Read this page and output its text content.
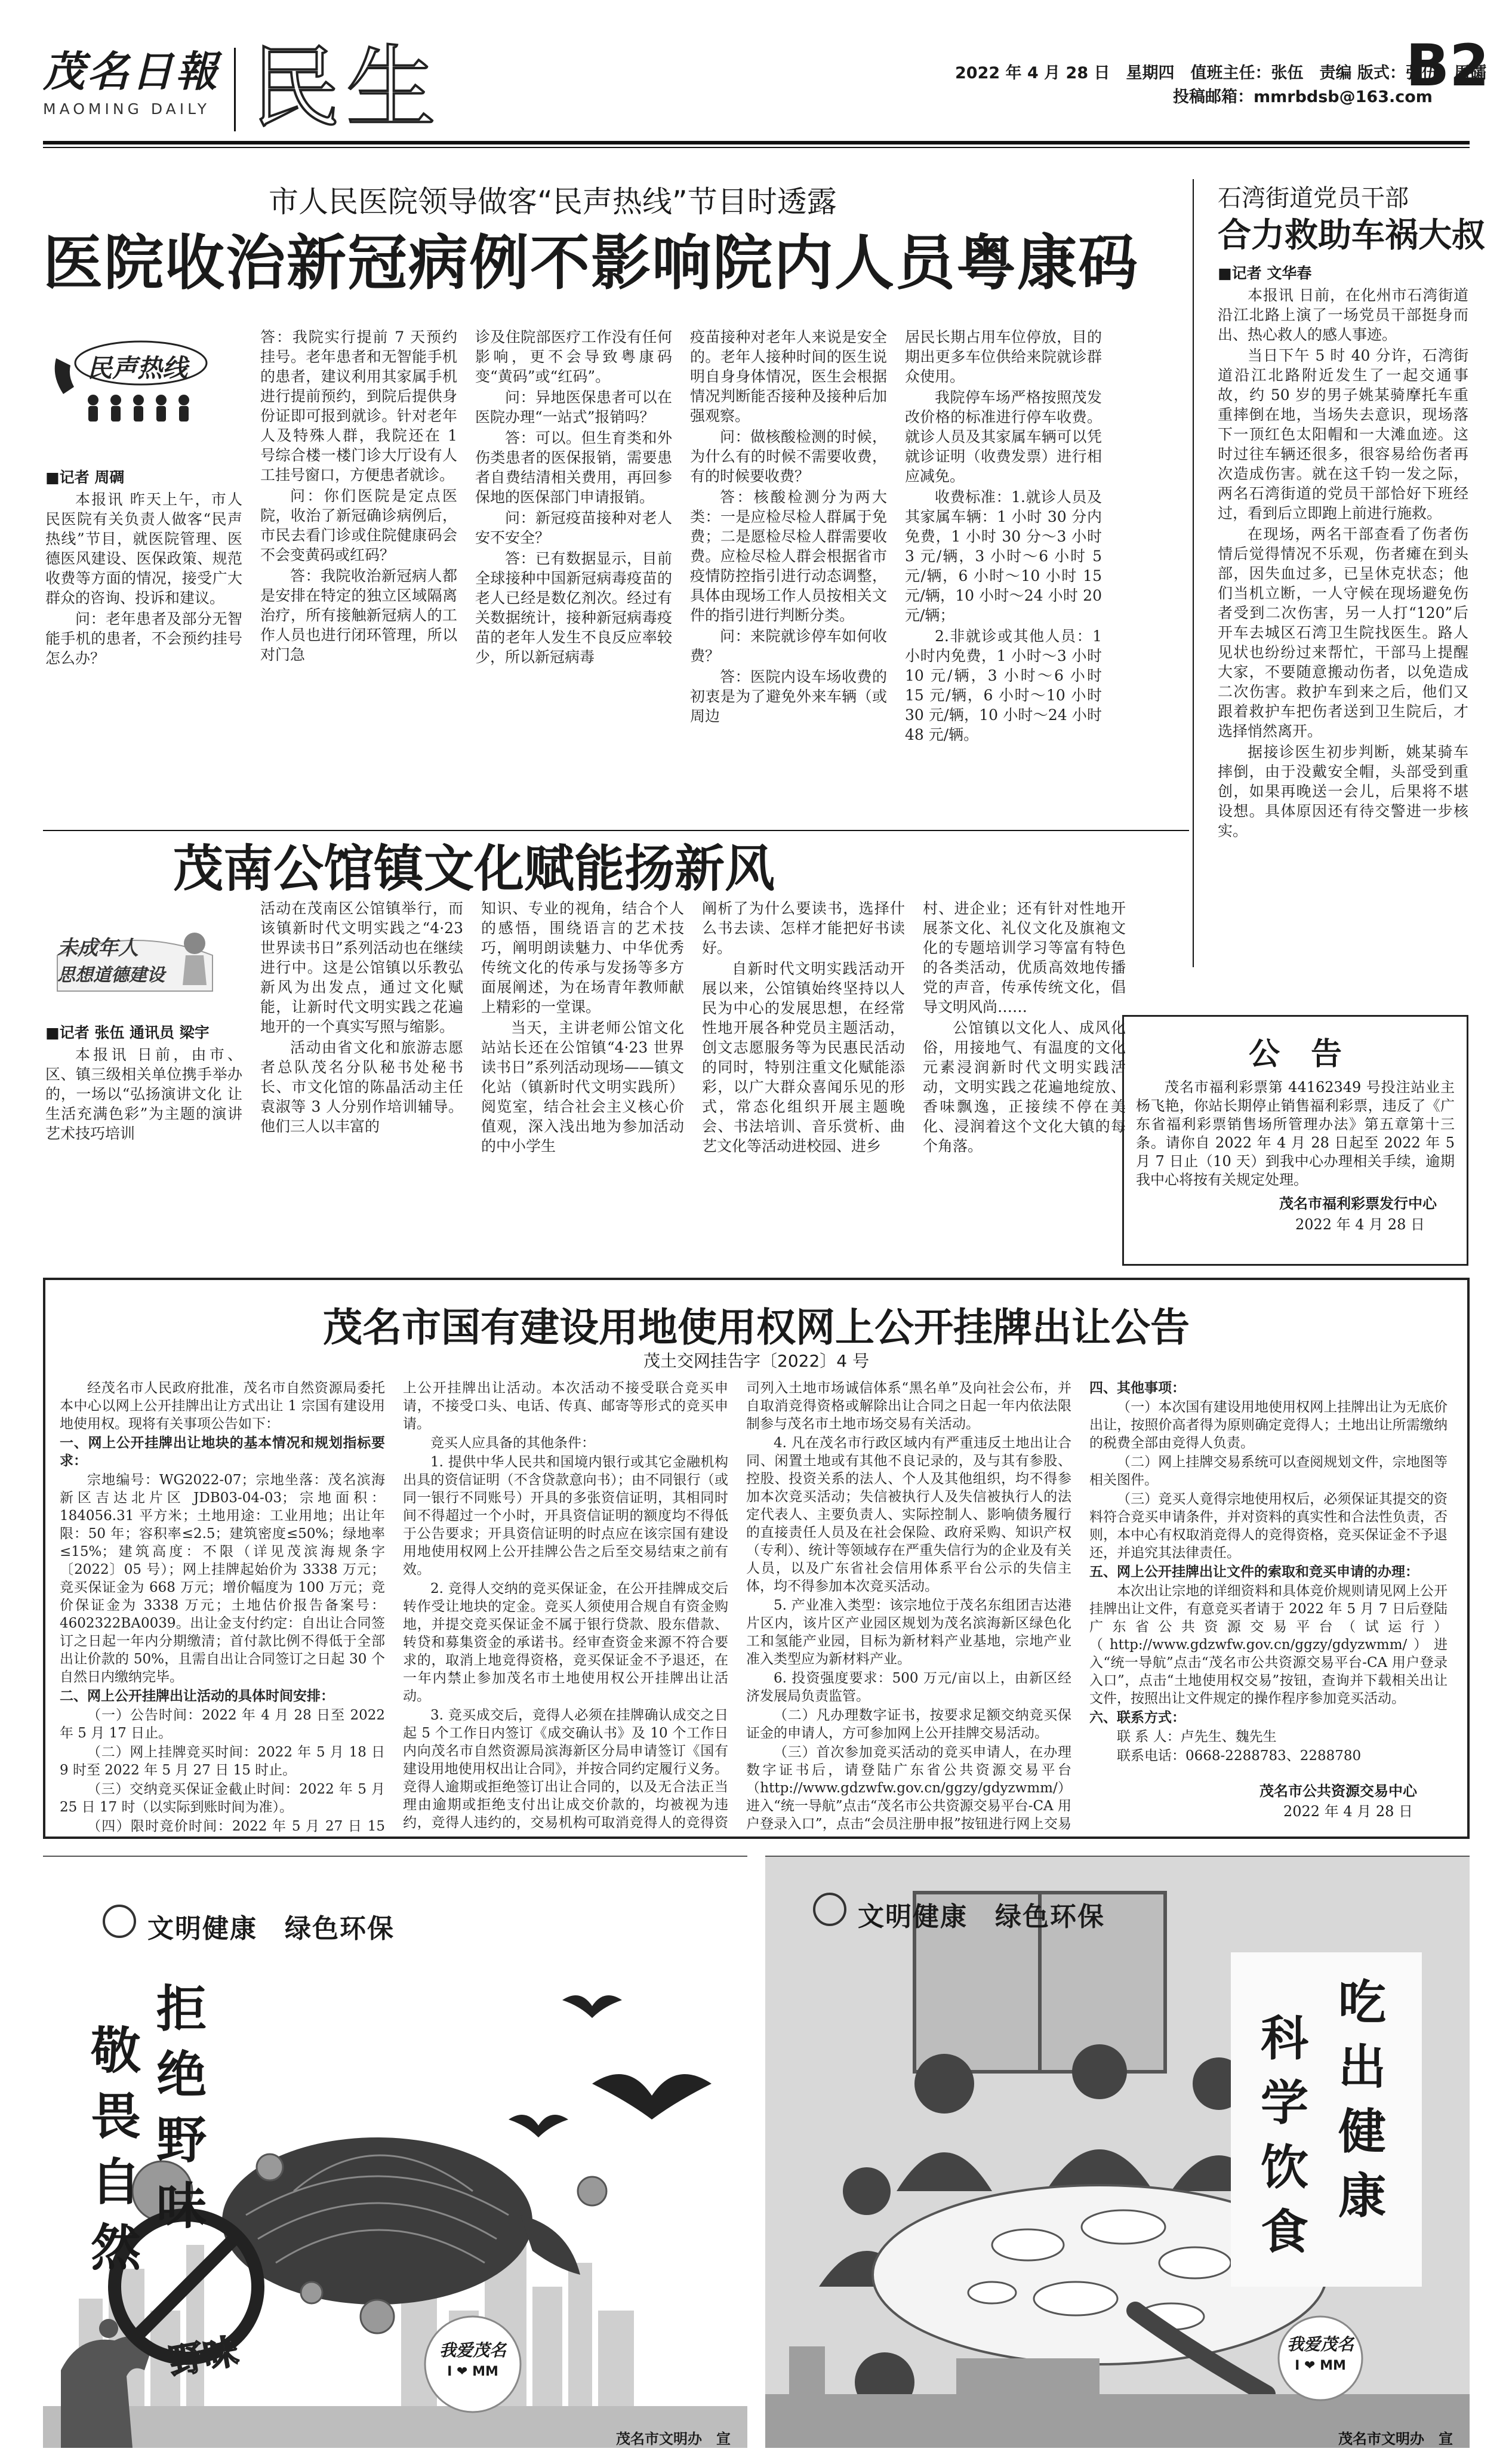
茂名日報
MAOMING DAILY 民生	2022 年 4 月 28 日　星期四　值班主任：张伍　责编 版式：张伍　周礵
投稿邮箱：mmrbdsb@163.com
B2
市人民医院领导做客“民声热线”节目时透露
医院收治新冠病例不影响院内人员粤康码
民声热线
■记者 周碉

本报讯 昨天上午，市人民医院有关负责人做客“民声热线”节目，就医院管理、医德医风建设、医保政策、规范收费等方面的情况，接受广大群众的咨询、投诉和建议。

问：老年患者及部分无智能手机的患者，不会预约挂号怎么办？

答：我院实行提前 7 天预约挂号。老年患者和无智能手机的患者，建议利用其家属手机进行提前预约，到院后提供身份证即可报到就诊。针对老年人及特殊人群，我院还在 1 号综合楼一楼门诊大厅设有人工挂号窗口，方便患者就诊。

问：你们医院是定点医院，收治了新冠确诊病例后，市民去看门诊或住院健康码会不会变黄码或红码？

答：我院收治新冠病人都是安排在特定的独立区域隔离治疗，所有接触新冠病人的工作人员也进行闭环管理，所以对门急

诊及住院部医疗工作没有任何影响，更不会导致粤康码变“黄码”或“红码”。

问：异地医保患者可以在医院办理“一站式”报销吗？

答：可以。但生育类和外伤类患者的医保报销，需要患者自费结清相关费用，再回参保地的医保部门申请报销。

问：新冠疫苗接种对老人安不安全？

答：已有数据显示，目前全球接种中国新冠病毒疫苗的老人已经是数亿剂次。经过有关数据统计，接种新冠病毒疫苗的老年人发生不良反应率较少，所以新冠病毒

疫苗接种对老年人来说是安全的。老年人接种时间的医生说明自身身体情况，医生会根据情况判断能否接种及接种后加强观察。

问：做核酸检测的时候，为什么有的时候不需要收费，有的时候要收费？

答：核酸检测分为两大类：一是应检尽检人群属于免费；二是愿检尽检人群需要收费。应检尽检人群会根据省市疫情防控指引进行动态调整，具体由现场工作人员按相关文件的指引进行判断分类。

问：来院就诊停车如何收费？

答：医院内设车场收费的初衷是为了避免外来车辆（或周边

居民长期占用车位停放，目的期出更多车位供给来院就诊群众使用。

我院停车场严格按照茂发改价格的标准进行停车收费。就诊人员及其家属车辆可以凭就诊证明（收费发票）进行相应减免。

收费标准：1.就诊人员及其家属车辆：1 小时 30 分内免费，1 小时 30 分～3 小时 3 元/辆，3 小时～6 小时 5 元/辆，6 小时～10 小时 15 元/辆，10 小时～24 小时 20 元/辆；

2.非就诊或其他人员：1 小时内免费，1 小时～3 小时 10 元/辆，3 小时～6 小时 15 元/辆，6 小时～10 小时 30 元/辆，10 小时～24 小时 48 元/辆。

石湾街道党员干部
合力救助车祸大叔
■记者 文华春

本报讯 日前，在化州市石湾街道沿江北路上演了一场党员干部挺身而出、热心救人的感人事迹。

当日下午 5 时 40 分许，石湾街道沿江北路附近发生了一起交通事故，约 50 岁的男子姚某骑摩托车重重摔倒在地，当场失去意识，现场落下一顶红色太阳帽和一大滩血迹。这时过往车辆还很多，很容易给伤者再次造成伤害。就在这千钧一发之际，两名石湾街道的党员干部恰好下班经过，看到后立即跑上前进行施救。

在现场，两名干部查看了伤者伤情后觉得情况不乐观，伤者瘫在到头部，因失血过多，已呈休克状态；他们当机立断，一人守候在现场避免伤者受到二次伤害，另一人打“120”后开车去城区石湾卫生院找医生。路人见状也纷纷过来帮忙，干部马上提醒大家，不要随意搬动伤者，以免造成二次伤害。救护车到来之后，他们又跟着救护车把伤者送到卫生院后，才选择悄然离开。

据接诊医生初步判断，姚某骑车摔倒，由于没戴安全帽，头部受到重创，如果再晚送一会儿，后果将不堪设想。具体原因还有待交警进一步核实。

茂南公馆镇文化赋能扬新风
未成年人
思想道德建设
■记者 张伍 通讯员 梁宇

本报讯 日前，由市、区、镇三级相关单位携手举办的，一场以“弘扬演讲文化 让生活充满色彩”为主题的演讲艺术技巧培训

活动在茂南区公馆镇举行，而该镇新时代文明实践之“4·23 世界读书日”系列活动也在继续进行中。这是公馆镇以乐教弘新风为出发点，通过文化赋能，让新时代文明实践之花遍地开的一个真实写照与缩影。

活动由省文化和旅游志愿者总队茂名分队秘书处秘书长、市文化馆的陈晶活动主任袁淑等 3 人分别作培训辅导。他们三人以丰富的

知识、专业的视角，结合个人的感悟，围绕语言的艺术技巧，阐明朗读魅力、中华优秀传统文化的传承与发扬等多方面展阐述，为在场青年教师献上精彩的一堂课。

当天，主讲老师公馆文化站站长还在公馆镇“4·23 世界读书日”系列活动现场——镇文化站（镇新时代文明实践所）阅览室，结合社会主义核心价值观，深入浅出地为参加活动的中小学生

阐析了为什么要读书，选择什么书去读、怎样才能把好书读好。

自新时代文明实践活动开展以来，公馆镇始终坚持以人民为中心的发展思想，在经常性地开展各种党员主题活动，创文志愿服务等为民惠民活动的同时，特别注重文化赋能添彩，以广大群众喜闻乐见的形式，常态化组织开展主题晚会、书法培训、音乐赏析、曲艺文化等活动进校园、进乡

村、进企业；还有针对性地开展茶文化、礼仪文化及旗袍文化的专题培训学习等富有特色的各类活动，优质高效地传播党的声音，传承传统文化，倡导文明风尚……

公馆镇以文化人、成风化俗，用接地气、有温度的文化元素浸润新时代文明实践活动，文明实践之花遍地绽放、香味飘逸，正接续不停在美化、浸润着这个文化大镇的每个角落。

公　告
茂名市福利彩票第 44162349 号投注站业主杨飞艳，你站长期停止销售福利彩票，违反了《广东省福利彩票销售场所管理办法》第五章第十三条。请你自 2022 年 4 月 28 日起至 2022 年 5 月 7 日止（10 天）到我中心办理相关手续，逾期我中心将按有关规定处理。
茂名市福利彩票发行中心
2022 年 4 月 28 日
茂名市国有建设用地使用权网上公开挂牌出让公告
茂土交网挂告字〔2022〕4 号

经茂名市人民政府批准，茂名市自然资源局委托本中心以网上公开挂牌出让方式出让 1 宗国有建设用地使用权。现将有关事项公告如下：

一、网上公开挂牌出让地块的基本情况和规划指标要求：

宗地编号：WG2022-07；宗地坐落：茂名滨海新区吉达北片区 JDB03-04-03；宗地面积：184056.31 平方米；土地用途：工业用地；出让年限：50 年；容积率≤2.5；建筑密度≤50%；绿地率≤15%；建筑高度：不限（详见茂滨海规条字〔2022〕05 号）；网上挂牌起始价为 3338 万元；竞买保证金为 668 万元；增价幅度为 100 万元；竞价保证金为 3338 万元；土地估价报告备案号：4602322BA0039。出让金支付约定：自出让合同签订之日起一年内分期缴清；首付款比例不得低于全部出让价款的 50%，且需自出让合同签订之日起 30 个自然日内缴纳完毕。

二、网上公开挂牌出让活动的具体时间安排：

（一）公告时间：2022 年 4 月 28 日至 2022 年 5 月 17 日止。

（二）网上挂牌竞买时间：2022 年 5 月 18 日 9 时至 2022 年 5 月 27 日 15 时止。

（三）交纳竞买保证金截止时间：2022 年 5 月 25 日 17 时（以实际到账时间为准）。

（四）限时竞价时间：2022 年 5 月 27 日 15

上公开挂牌出让活动。本次活动不接受联合竞买申请，不接受口头、电话、传真、邮寄等形式的竞买申请。

竞买人应具备的其他条件：

1. 提供中华人民共和国境内银行或其它金融机构出具的资信证明（不含贷款意向书）；由不同银行（或同一银行不同账号）开具的多张资信证明，其相同时间不得超过一个小时，开具资信证明的额度均不得低于公告要求；开具资信证明的时点应在该宗国有建设用地使用权网上公开挂牌公告之后至交易结束之前有效。

2. 竞得人交纳的竞买保证金，在公开挂牌成交后转作受让地块的定金。竞买人须使用合规自有资金购地，并提交竞买保证金不属于银行贷款、股东借款、转贷和募集资金的承诺书。经审查资金来源不符合要求的，取消上地竞得资格，竞买保证金不予退还，在一年内禁止参加茂名市土地使用权公开挂牌出让活动。

3. 竞买成交后，竞得人必须在挂牌确认成交之日起 5 个工作日内签订《成交确认书》及 10 个工作日内向茂名市自然资源局滨海新区分局申请签订《国有建设用地使用权出让合同》，并按合同约定履行义务。竞得人逾期或拒绝签订出让合同的，以及无合法正当理由逾期或拒绝支付出让成交价款的，均被视为违约，竞得人违约的，交易机构可取消竞得人的竞得资

司列入土地市场诚信体系“黑名单”及向社会公布，并自取消竞得资格或解除出让合同之日起一年内依法限制参与茂名市土地市场交易有关活动。

4. 凡在茂名市行政区域内有严重违反土地出让合同、闲置土地或有其他不良记录的，及与其有参股、控股、投资关系的法人、个人及其他组织，均不得参加本次竞买活动；失信被执行人及失信被执行人的法定代表人、主要负责人、实际控制人、影响债务履行的直接责任人员及在社会保险、政府采购、知识产权（专利）、统计等领域存在严重失信行为的企业及有关人员，以及广东省社会信用体系平台公示的失信主体，均不得参加本次竞买活动。

5. 产业准入类型：该宗地位于茂名东组团吉达港片区内，该片区产业园区规划为茂名滨海新区绿色化工和氢能产业园，目标为新材料产业基地，宗地产业准入类型应为新材料产业。

6. 投资强度要求：500 万元/亩以上，由新区经济发展局负责监管。

（二）凡办理数字证书，按要求足额交纳竞买保证金的申请人，方可参加网上公开挂牌交易活动。

（三）首次参加竞买活动的竞买申请人，在办理数字证书后，请登陆广东省公共资源交易平台（http://www.gdzwfw.gov.cn/ggzy/gdyzwmm/）进入“统一导航”点击“茂名市公共资源交易平台-CA 用户登录入口”，点击“会员注册申报”按钮进行网上交易

四、其他事项：

（一）本次国有建设用地使用权网上挂牌出让为无底价出让，按照价高者得为原则确定竞得人；土地出让所需缴纳的税费全部由竞得人负责。

（二）网上挂牌交易系统可以查阅规划文件，宗地图等相关图件。

（三）竞买人竟得宗地使用权后，必须保证其提交的资料符合竞买申请条件，并对资料的真实性和合法性负责，否则，本中心有权取消竞得人的竞得资格，竞买保证金不予退还，并追究其法律责任。

五、网上公开挂牌出让文件的索取和竞买申请的办理：

本次出让宗地的详细资料和具体竞价规则请见网上公开挂牌出让文件，有意竞买者请于 2022 年 5 月 7 日后登陆广东省公共资源交易平台（试运行）（http://www.gdzwfw.gov.cn/ggzy/gdyzwmm/）进入“统一导航”点击“茂名市公共资源交易平台-CA 用户登录入口”，点击“土地使用权交易”按钮，查询并下载相关出让文件，按照出让文件规定的操作程序参加竞买活动。

六、联系方式：

联 系 人：卢先生、魏先生

联系电话：0668-2288783、2288780

茂名市公共资源交易中心
2022 年 4 月 28 日
文明健康　绿色环保
敬
畏
自
然
拒
绝
野
味
野味	我爱茂名
I ❤ MM
茂名市文明办　宣
文明健康　绿色环保
吃
出
健
康
科
学
饮
食
我爱茂名
I ❤ MM
茂名市文明办　宣
